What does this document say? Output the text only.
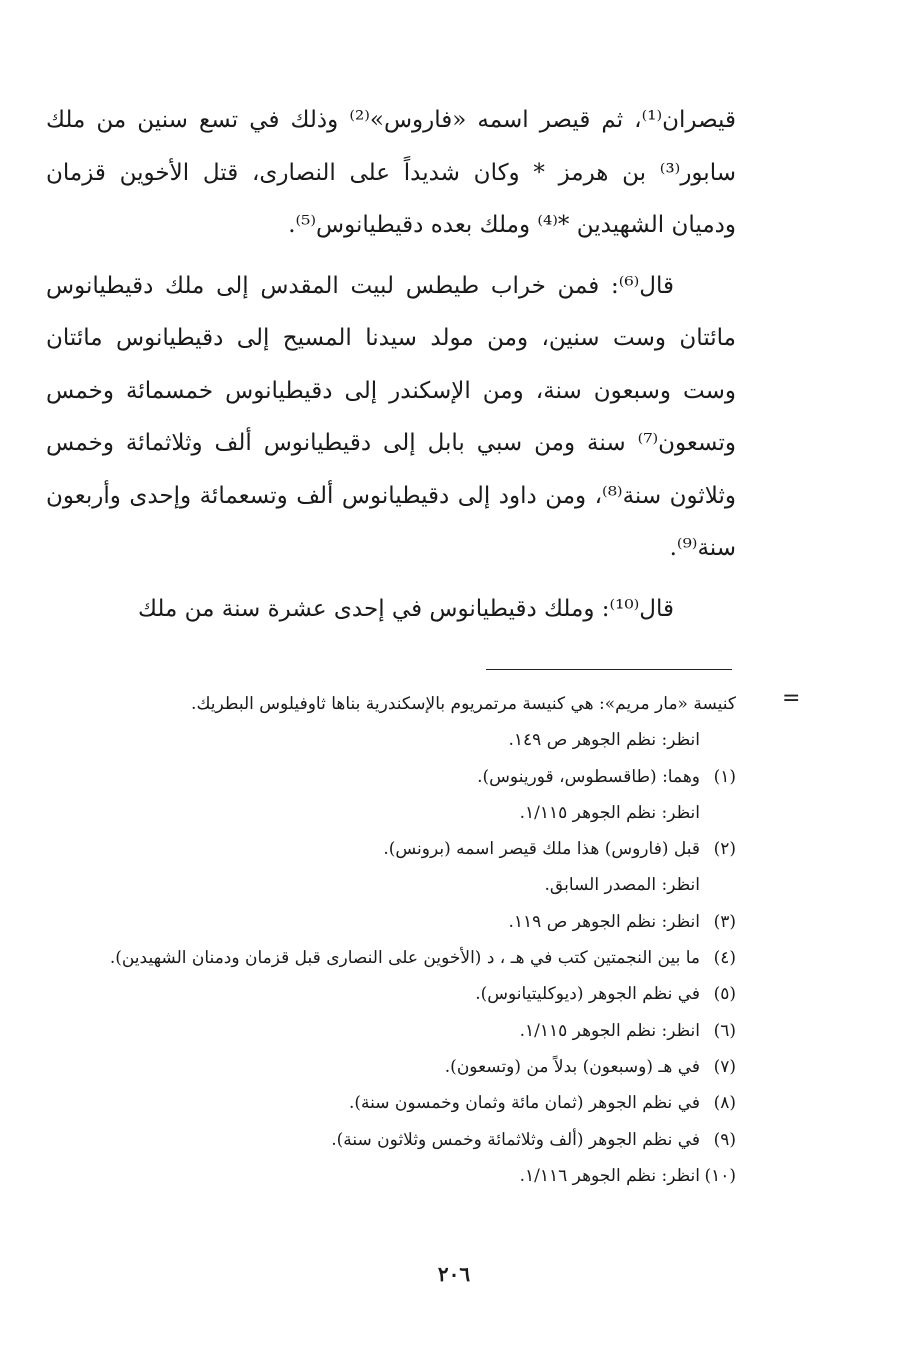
قيصران⁽¹⁾، ثم قيصر اسمه «فاروس»⁽²⁾ وذلك في تسع سنين من ملك سابور⁽³⁾ بن هرمز * وكان شديداً على النصارى، قتل الأخوين قزمان ودميان الشهيدين *⁽⁴⁾ وملك بعده دقيطيانوس⁽⁵⁾.

قال⁽⁶⁾: فمن خراب طيطس لبيت المقدس إلى ملك دقيطيانوس مائتان وست سنين، ومن مولد سيدنا المسيح إلى دقيطيانوس مائتان وست وسبعون سنة، ومن الإسكندر إلى دقيطيانوس خمسمائة وخمس وتسعون⁽⁷⁾ سنة ومن سبي بابل إلى دقيطيانوس ألف وثلاثمائة وخمس وثلاثون سنة⁽⁸⁾، ومن داود إلى دقيطيانوس ألف وتسعمائة وإحدى وأربعون سنة⁽⁹⁾.

قال⁽¹⁰⁾: وملك دقيطيانوس في إحدى عشرة سنة من ملك

=
كنيسة «مار مريم»: هي كنيسة مرتمريوم بالإسكندرية بناها ثاوفيلوس البطريك.
انظر: نظم الجوهر ص ١٤٩.
(١)
وهما: (طاقسطوس، قورينوس).
انظر: نظم الجوهر ١/١١٥.
(٢)
قبل (فاروس) هذا ملك قيصر اسمه (برونس).
انظر: المصدر السابق.
(٣)
انظر: نظم الجوهر ص ١١٩.
(٤)
ما بين النجمتين كتب في هـ ، د (الأخوين على النصارى قبل قزمان ودمنان الشهيدين).
(٥)
في نظم الجوهر (ديوكليتيانوس).
(٦)
انظر: نظم الجوهر ١/١١٥.
(٧)
في هـ (وسبعون) بدلاً من (وتسعون).
(٨)
في نظم الجوهر (ثمان مائة وثمان وخمسون سنة).
(٩)
في نظم الجوهر (ألف وثلاثمائة وخمس وثلاثون سنة).
(١٠)
انظر: نظم الجوهر ١/١١٦.
٢٠٦
